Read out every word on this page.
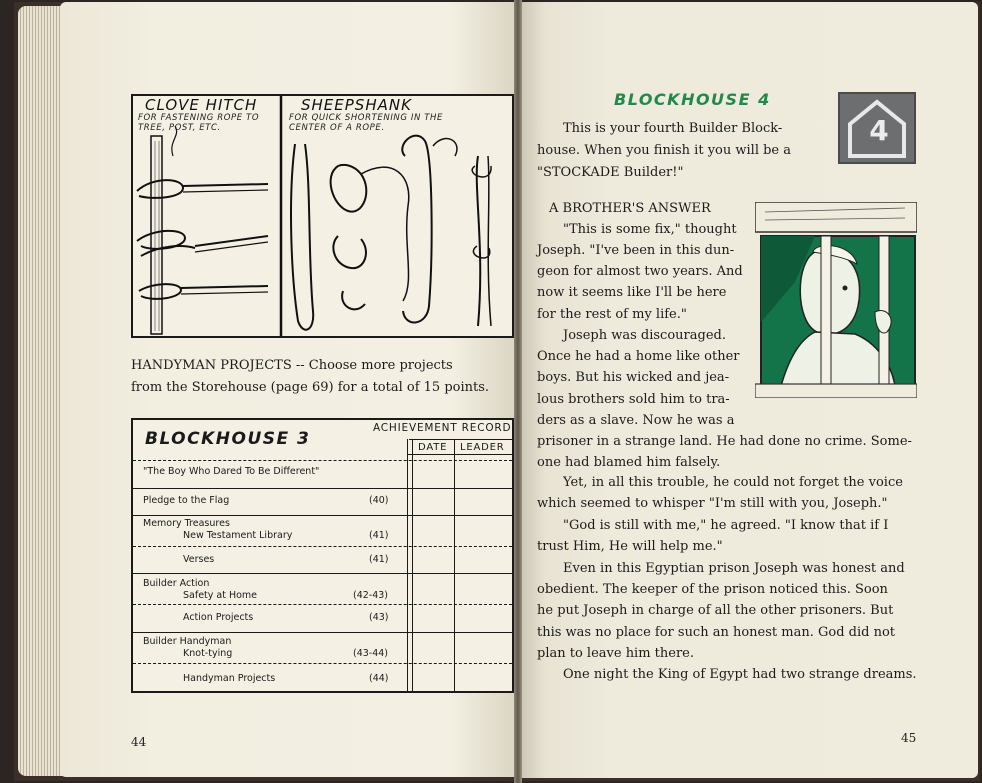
CLOVE HITCH
FOR FASTENING ROPE TO
TREE, POST, ETC.
SHEEPSHANK
FOR QUICK SHORTENING IN THE
CENTER OF A ROPE.
HANDYMAN PROJECTS -- Choose more projects
from the Storehouse (page 69) for a total of 15 points.
BLOCKHOUSE 3
ACHIEVEMENT RECORD
DATE LEADER
"The Boy Who Dared To Be Different"
Pledge to the Flag	(40)
Memory Treasures
New Testament Library	(41)
Verses	(41)
Builder Action
Safety at Home	(42-43)
Action Projects	(43)
Builder Handyman
Knot-tying	(43-44)
Handyman Projects	(44)
44
BLOCKHOUSE 4
4
This is your fourth Builder Block-
house. When you finish it you will be a
"STOCKADE Builder!"
A BROTHER'S ANSWER
"This is some fix," thought
Joseph. "I've been in this dun-
geon for almost two years. And
now it seems like I'll be here
for the rest of my life."
Joseph was discouraged.
Once he had a home like other
boys. But his wicked and jea-
lous brothers sold him to tra-
ders as a slave. Now he was a
prisoner in a strange land. He had done no crime. Some-
one had blamed him falsely.
Yet, in all this trouble, he could not forget the voice
which seemed to whisper "I'm still with you, Joseph."
"God is still with me," he agreed. "I know that if I
trust Him, He will help me."
Even in this Egyptian prison Joseph was honest and
obedient. The keeper of the prison noticed this. Soon
he put Joseph in charge of all the other prisoners. But
this was no place for such an honest man. God did not
plan to leave him there.
One night the King of Egypt had two strange dreams.
45
